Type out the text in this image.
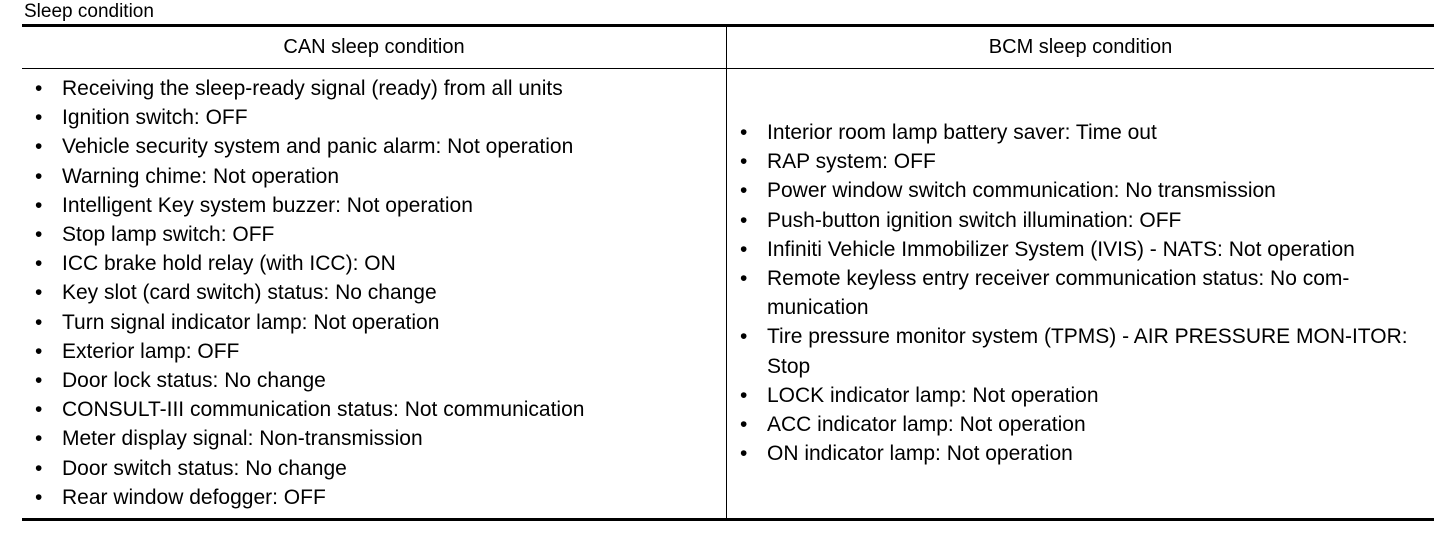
Sleep condition
CAN sleep condition	BCM sleep condition
• Receiving the sleep-ready signal (ready) from all units
• Ignition switch: OFF
• Vehicle security system and panic alarm: Not operation
• Warning chime: Not operation
• Intelligent Key system buzzer: Not operation
• Stop lamp switch: OFF
• ICC brake hold relay (with ICC): ON
• Key slot (card switch) status: No change
• Turn signal indicator lamp: Not operation
• Exterior lamp: OFF
• Door lock status: No change
• CONSULT-III communication status: Not communication
• Meter display signal: Non-transmission
• Door switch status: No change
• Rear window defogger: OFF
• Interior room lamp battery saver: Time out
• RAP system: OFF
• Power window switch communication: No transmission
• Push-button ignition switch illumination: OFF
• Infiniti Vehicle Immobilizer System (IVIS) - NATS: Not operation
• Remote keyless entry receiver communication status: No com-munication
• Tire pressure monitor system (TPMS) - AIR PRESSURE MON-ITOR: Stop
• LOCK indicator lamp: Not operation
• ACC indicator lamp: Not operation
• ON indicator lamp: Not operation
